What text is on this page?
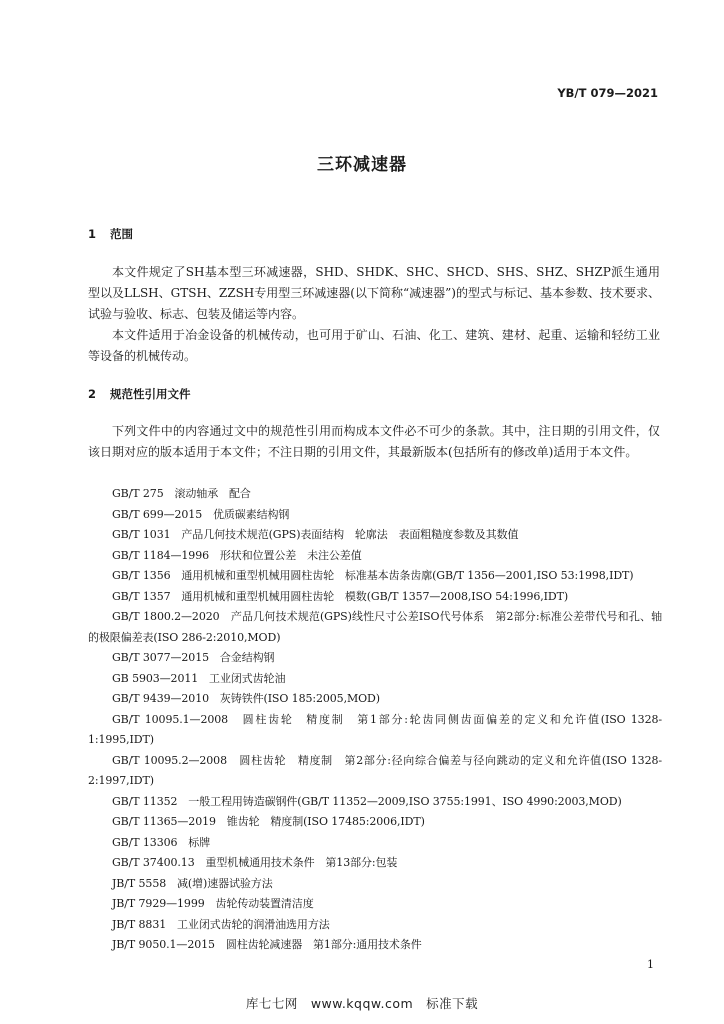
YB/T 079—2021
三环减速器
1 范围

本文件规定了SH基本型三环减速器，SHD、SHDK、SHC、SHCD、SHS、SHZ、SHZP派生通用型以及LLSH、GTSH、ZZSH专用型三环减速器(以下简称“减速器”)的型式与标记、基本参数、技术要求、试验与验收、标志、包装及储运等内容。

本文件适用于冶金设备的机械传动，也可用于矿山、石油、化工、建筑、建材、起重、运输和轻纺工业等设备的机械传动。

2 规范性引用文件

下列文件中的内容通过文中的规范性引用而构成本文件必不可少的条款。其中，注日期的引用文件，仅该日期对应的版本适用于本文件；不注日期的引用文件，其最新版本(包括所有的修改单)适用于本文件。

GB/T 275　滚动轴承　配合
GB/T 699—2015　优质碳素结构钢
GB/T 1031　产品几何技术规范(GPS)表面结构　轮廓法　表面粗糙度参数及其数值
GB/T 1184—1996　形状和位置公差　未注公差值
GB/T 1356　通用机械和重型机械用圆柱齿轮　标准基本齿条齿廓(GB/T 1356—2001,ISO 53:1998,IDT)
GB/T 1357　通用机械和重型机械用圆柱齿轮　模数(GB/T 1357—2008,ISO 54:1996,IDT)
GB/T 1800.2—2020　产品几何技术规范(GPS)线性尺寸公差ISO代号体系　第2部分:标准公差带代号和孔、轴的极限偏差表(ISO 286-2:2010,MOD)
GB/T 3077—2015　合金结构钢
GB 5903—2011　工业闭式齿轮油
GB/T 9439—2010　灰铸铁件(ISO 185:2005,MOD)
GB/T 10095.1—2008　圆柱齿轮　精度制　第1部分:轮齿同侧齿面偏差的定义和允许值(ISO 1328-1:1995,IDT)
GB/T 10095.2—2008　圆柱齿轮　精度制　第2部分:径向综合偏差与径向跳动的定义和允许值(ISO 1328-2:1997,IDT)
GB/T 11352　一般工程用铸造碳钢件(GB/T 11352—2009,ISO 3755:1991、ISO 4990:2003,MOD)
GB/T 11365—2019　锥齿轮　精度制(ISO 17485:2006,IDT)
GB/T 13306　标牌
GB/T 37400.13　重型机械通用技术条件　第13部分:包装
JB/T 5558　减(增)速器试验方法
JB/T 7929—1999　齿轮传动装置清洁度
JB/T 8831　工业闭式齿轮的润滑油选用方法
JB/T 9050.1—2015　圆柱齿轮减速器　第1部分:通用技术条件
1
库七七网　www.kqqw.com　标准下载
